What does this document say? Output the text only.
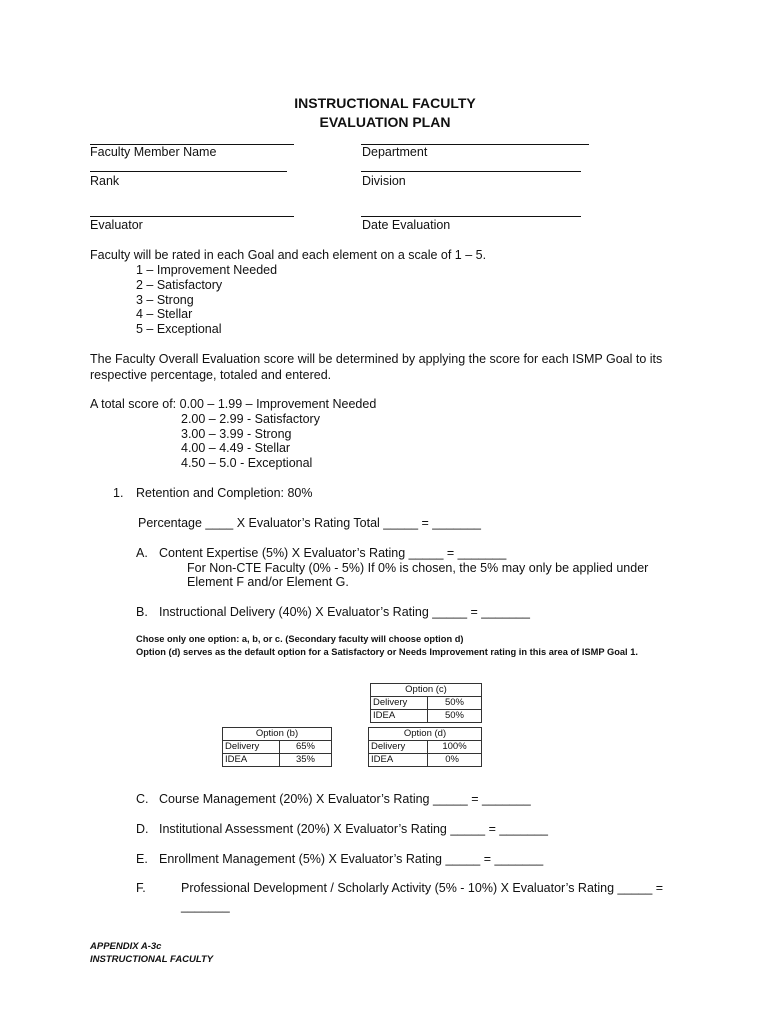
INSTRUCTIONAL FACULTY
EVALUATION PLAN
Faculty Member Name	Department
Rank	Division
Evaluator	Date Evaluation
Faculty will be rated in each Goal and each element on a scale of 1 – 5.
1 – Improvement Needed
2 – Satisfactory
3 – Strong
4 – Stellar
5 – Exceptional
The Faculty Overall Evaluation score will be determined by applying the score for each ISMP Goal to its
respective percentage, totaled and entered.
A total score of: 0.00 – 1.99 – Improvement Needed
2.00 – 2.99 - Satisfactory
3.00 – 3.99 - Strong
4.00 – 4.49 - Stellar
4.50 – 5.0 - Exceptional
1. Retention and Completion: 80%
Percentage ____ X Evaluator’s Rating Total _____ = _______
A. Content Expertise (5%) X Evaluator’s Rating _____ = _______
For Non-CTE Faculty (0% - 5%) If 0% is chosen, the 5% may only be applied under
Element F and/or Element G.
B. Instructional Delivery (40%) X Evaluator’s Rating _____ = _______
Chose only one option: a, b, or c. (Secondary faculty will choose option d)
Option (d) serves as the default option for a Satisfactory or Needs Improvement rating in this area of ISMP Goal 1.
Option (c)	
Delivery	50%
IDEA	50%
Option (d)	
Delivery	100%
IDEA	0%
Option (b)	
Delivery	65%
IDEA	35%
C. Course Management (20%) X Evaluator’s Rating _____ = _______
D. Institutional Assessment (20%) X Evaluator’s Rating _____ = _______
E. Enrollment Management (5%) X Evaluator’s Rating _____ = _______
F.	Professional Development / Scholarly Activity (5% - 10%) X Evaluator’s Rating _____ =
_______
APPENDIX A-3c
INSTRUCTIONAL FACULTY
